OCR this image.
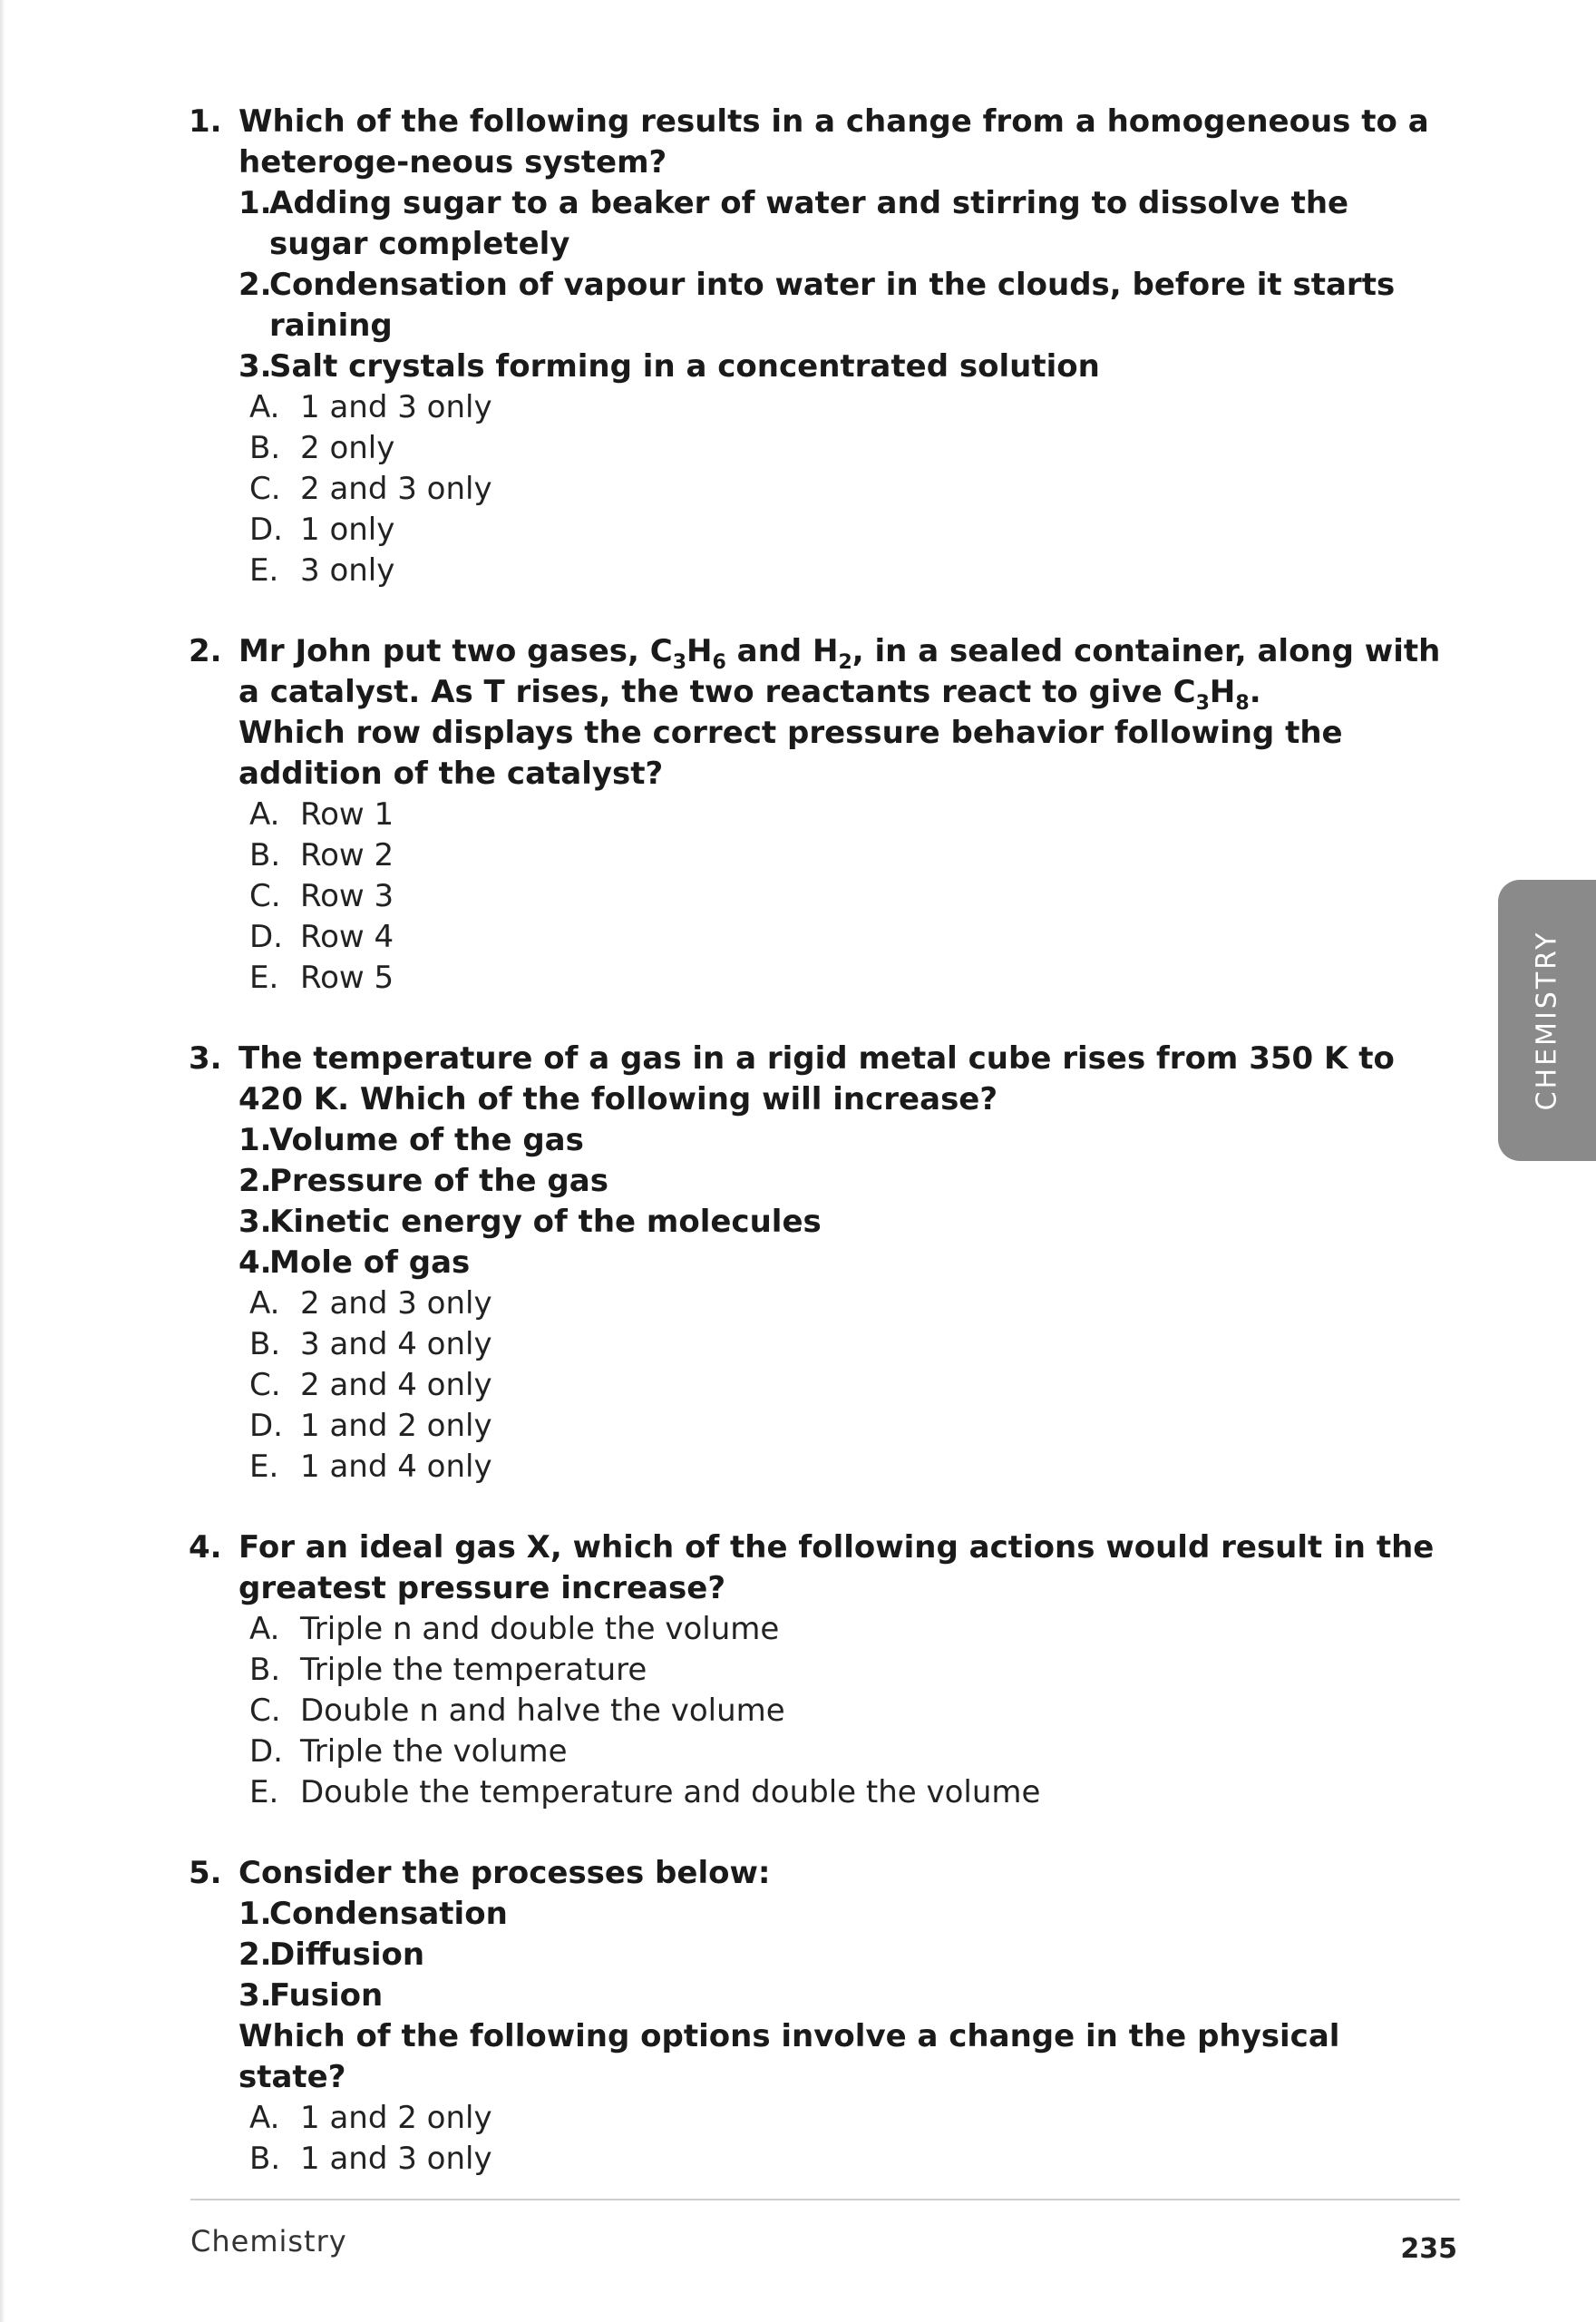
1. Which of the following results in a change from a homogeneous to a heteroge-neous system?
1.
Adding sugar to a beaker of water and stirring to dissolve the sugar completely
2.
Condensation of vapour into water in the clouds, before it starts raining
3.
Salt crystals forming in a concentrated solution
A. 1 and 3 only
B. 2 only
C. 2 and 3 only
D. 1 only
E. 3 only
2. Mr John put two gases, $C_3H_6$ and $H_2$, in a sealed container, along with a catalyst. As T rises, the two reactants react to give $C_3H_8$.
Which row displays the correct pressure behavior following the addition of the catalyst?
A. Row 1
B. Row 2
C. Row 3
D. Row 4
E. Row 5
3. The temperature of a gas in a rigid metal cube rises from 350 K to 420 K. Which of the following will increase?
1.
Volume of the gas
2.
Pressure of the gas
3.
Kinetic energy of the molecules
4.
Mole of gas
A. 2 and 3 only
B. 3 and 4 only
C. 2 and 4 only
D. 1 and 2 only
E. 1 and 4 only
4. For an ideal gas X, which of the following actions would result in the greatest pressure increase?
A. Triple n and double the volume
B. Triple the temperature
C. Double n and halve the volume
D. Triple the volume
E. Double the temperature and double the volume
5. Consider the processes below:
1.
Condensation
2.
Diffusion
3.
Fusion
Which of the following options involve a change in the physical state?
A. 1 and 2 only
B. 1 and 3 only
CHEMISTRY
Chemistry	235
